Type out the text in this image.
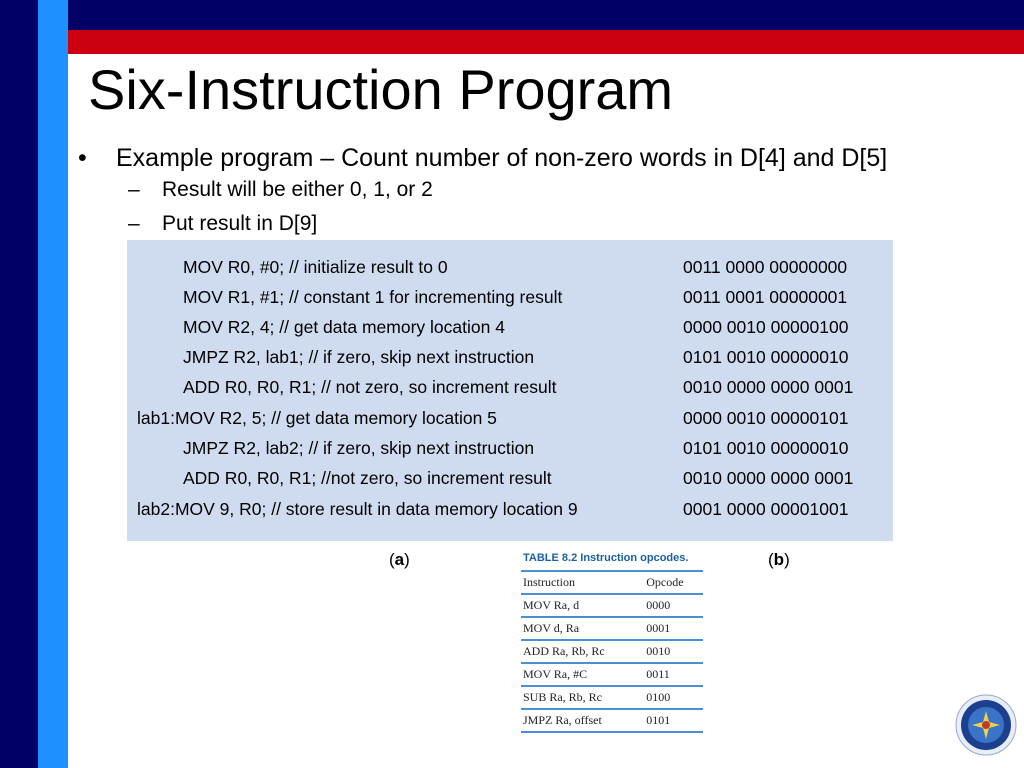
Six-Instruction Program
• Example program – Count number of non-zero words in D[4] and D[5]
– Result will be either 0, 1, or 2
– Put result in D[9]
MOV R0, #0; // initialize result to 0	0011 0000 00000000
MOV R1, #1; // constant 1 for incrementing result	0011 0001 00000001
MOV R2, 4; // get data memory location 4	0000 0010 00000100
JMPZ R2, lab1; // if zero, skip next instruction	0101 0010 00000010
ADD R0, R0, R1; // not zero, so increment result	0010 0000 0000 0001
lab1:MOV R2, 5; // get data memory location 5	0000 0010 00000101
JMPZ R2, lab2; // if zero, skip next instruction	0101 0010 00000010
ADD R0, R0, R1; //not zero, so increment result	0010 0000 0000 0001
lab2:MOV 9, R0; // store result in data memory location 9	0001 0000 00001001
(a)	(b)
TABLE 8.2 Instruction opcodes.
Instruction	Opcode
MOV Ra, d	0000
MOV d, Ra	0001
ADD Ra, Rb, Rc	0010
MOV Ra, #C	0011
SUB Ra, Rb, Rc	0100
JMPZ Ra, offset	0101
